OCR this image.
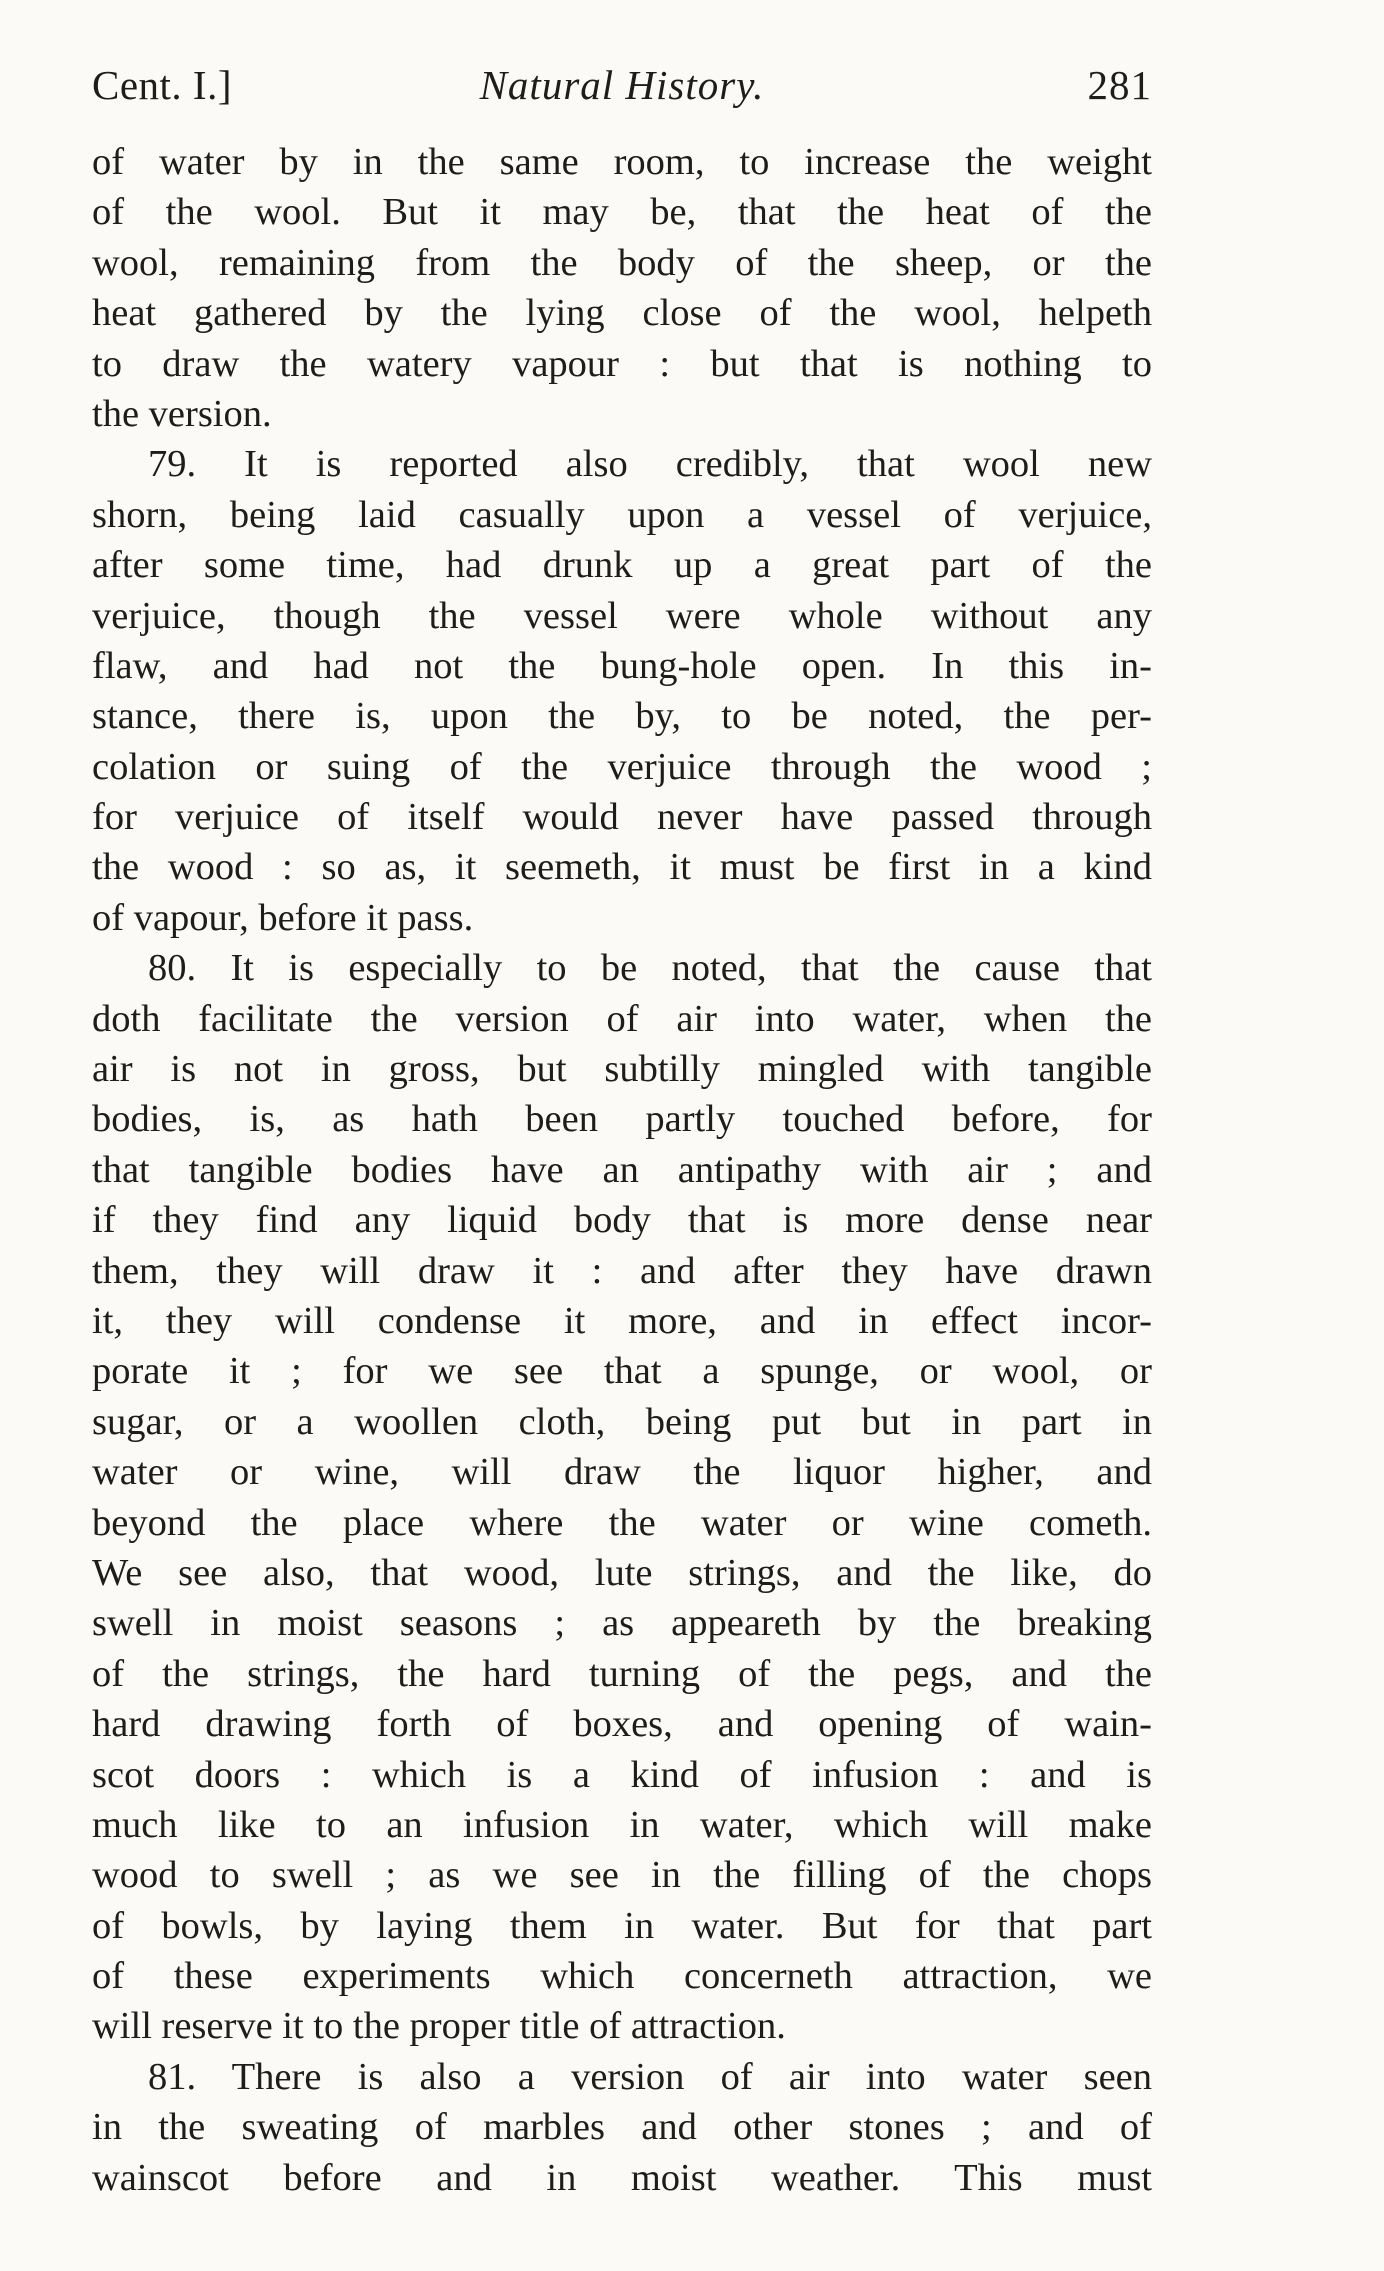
Cent. I.]	Natural History.	281
of water by in the same room, to increase the weight
of the wool. But it may be, that the heat of the
wool, remaining from the body of the sheep, or the
heat gathered by the lying close of the wool, helpeth
to draw the watery vapour : but that is nothing to
the version.
79. It is reported also credibly, that wool new
shorn, being laid casually upon a vessel of verjuice,
after some time, had drunk up a great part of the
verjuice, though the vessel were whole without any
flaw, and had not the bung-hole open. In this in-
stance, there is, upon the by, to be noted, the per-
colation or suing of the verjuice through the wood ;
for verjuice of itself would never have passed through
the wood : so as, it seemeth, it must be first in a kind
of vapour, before it pass.
80. It is especially to be noted, that the cause that
doth facilitate the version of air into water, when the
air is not in gross, but subtilly mingled with tangible
bodies, is, as hath been partly touched before, for
that tangible bodies have an antipathy with air ; and
if they find any liquid body that is more dense near
them, they will draw it : and after they have drawn
it, they will condense it more, and in effect incor-
porate it ; for we see that a spunge, or wool, or
sugar, or a woollen cloth, being put but in part in
water or wine, will draw the liquor higher, and
beyond the place where the water or wine cometh.
We see also, that wood, lute strings, and the like, do
swell in moist seasons ; as appeareth by the breaking
of the strings, the hard turning of the pegs, and the
hard drawing forth of boxes, and opening of wain-
scot doors : which is a kind of infusion : and is
much like to an infusion in water, which will make
wood to swell ; as we see in the filling of the chops
of bowls, by laying them in water. But for that part
of these experiments which concerneth attraction, we
will reserve it to the proper title of attraction.
81. There is also a version of air into water seen
in the sweating of marbles and other stones ; and of
wainscot before and in moist weather. This must
